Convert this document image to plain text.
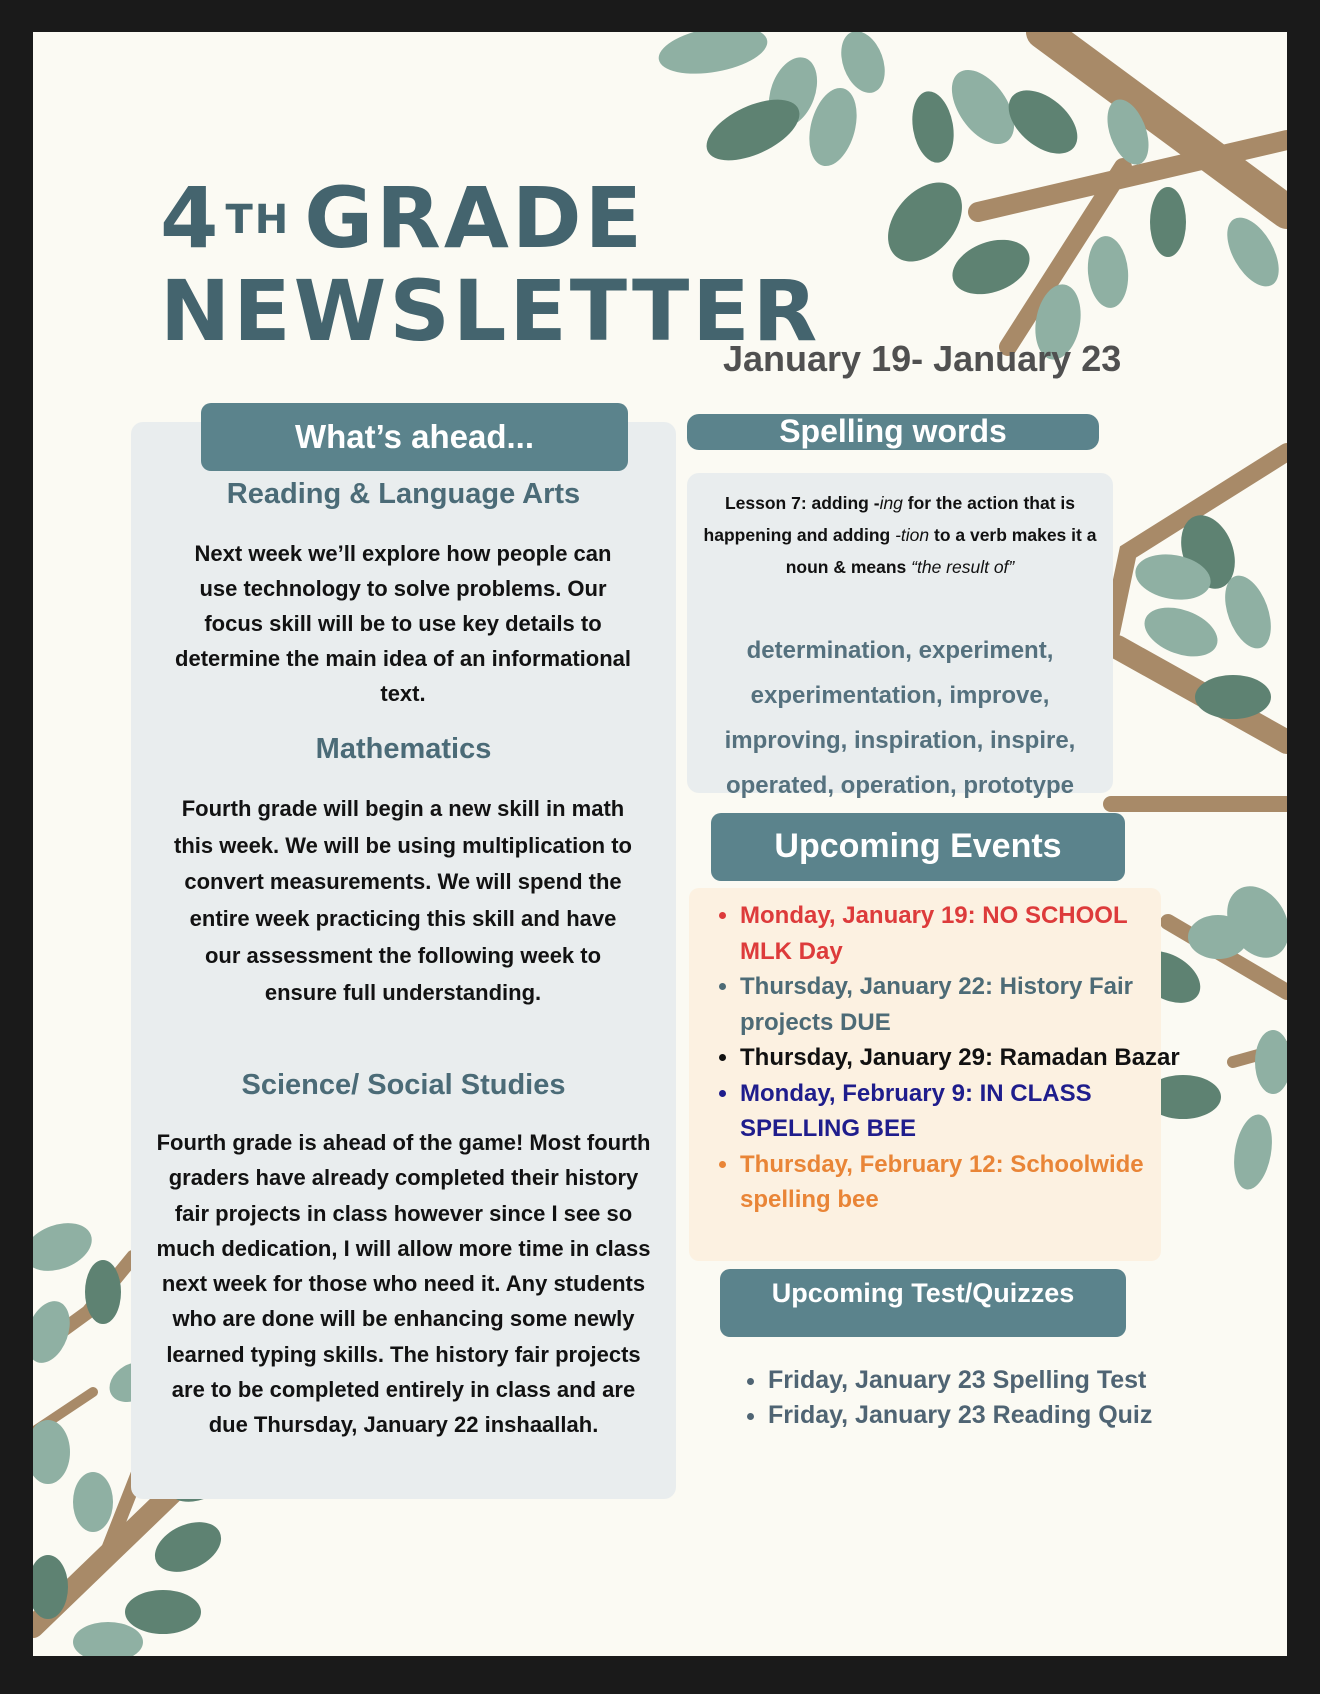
4 $^{TH}$ GRADE
NEWSLETTER
January 19- January 23
What’s ahead...
Reading & Language Arts

Next week we’ll explore how people can use technology to solve problems. Our focus skill will be to use key details to determine the main idea of an informational text.

Mathematics

Fourth grade will begin a new skill in math this week. We will be using multiplication to convert measurements. We will spend the entire week practicing this skill and have our assessment the following week to ensure full understanding.

Science/ Social Studies

Fourth grade is ahead of the game! Most fourth graders have already completed their history fair projects in class however since I see so much dedication, I will allow more time in class next week for those who need it. Any students who are done will be enhancing some newly learned typing skills. The history fair projects are to be completed entirely in class and are due Thursday, January 22 inshaallah.

Spelling words

Lesson 7: adding -ing for the action that is happening and adding -tion to a verb makes it a noun & means “the result of”

determination, experiment, experimentation, improve, improving, inspiration, inspire, operated, operation, prototype

Upcoming Events
• Monday, January 19: NO SCHOOL MLK Day
• Thursday, January 22: History Fair projects DUE
• Thursday, January 29: Ramadan Bazar
• Monday, February 9: IN CLASS SPELLING BEE
• Thursday, February 12: Schoolwide spelling bee
Upcoming Test/Quizzes
• Friday, January 23 Spelling Test
• Friday, January 23 Reading Quiz
